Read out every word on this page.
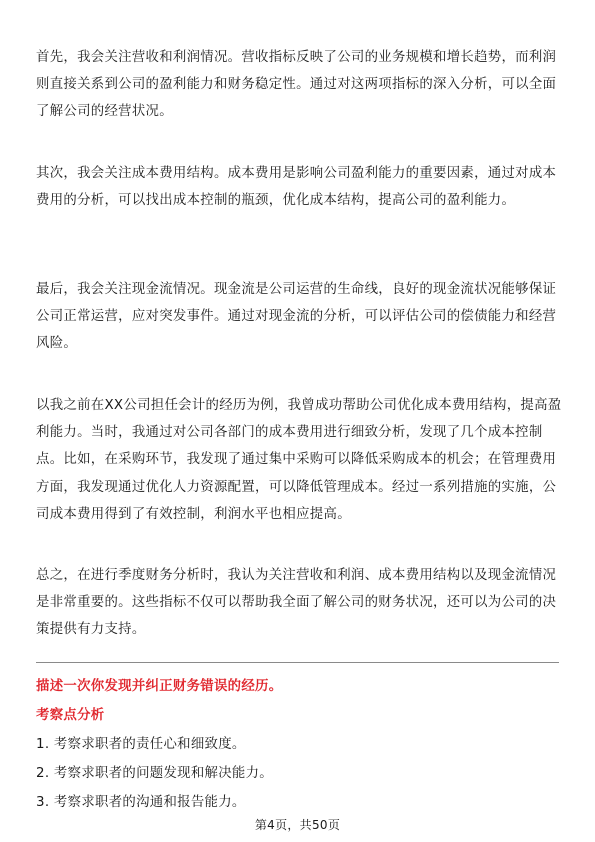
首先，我会关注营收和利润情况。营收指标反映了公司的业务规模和增长趋势，而利润则直接关系到公司的盈利能力和财务稳定性。通过对这两项指标的深入分析，可以全面了解公司的经营状况。

其次，我会关注成本费用结构。成本费用是影响公司盈利能力的重要因素，通过对成本费用的分析，可以找出成本控制的瓶颈，优化成本结构，提高公司的盈利能力。

最后，我会关注现金流情况。现金流是公司运营的生命线，良好的现金流状况能够保证公司正常运营，应对突发事件。通过对现金流的分析，可以评估公司的偿债能力和经营风险。

以我之前在XX公司担任会计的经历为例，我曾成功帮助公司优化成本费用结构，提高盈利能力。当时，我通过对公司各部门的成本费用进行细致分析，发现了几个成本控制点。比如，在采购环节，我发现了通过集中采购可以降低采购成本的机会；在管理费用方面，我发现通过优化人力资源配置，可以降低管理成本。经过一系列措施的实施，公司成本费用得到了有效控制，利润水平也相应提高。

总之，在进行季度财务分析时，我认为关注营收和利润、成本费用结构以及现金流情况是非常重要的。这些指标不仅可以帮助我全面了解公司的财务状况，还可以为公司的决策提供有力支持。

描述一次你发现并纠正财务错误的经历。

考察点分析

1. 考察求职者的责任心和细致度。

2. 考察求职者的问题发现和解决能力。

3. 考察求职者的沟通和报告能力。

第4页，共50页
